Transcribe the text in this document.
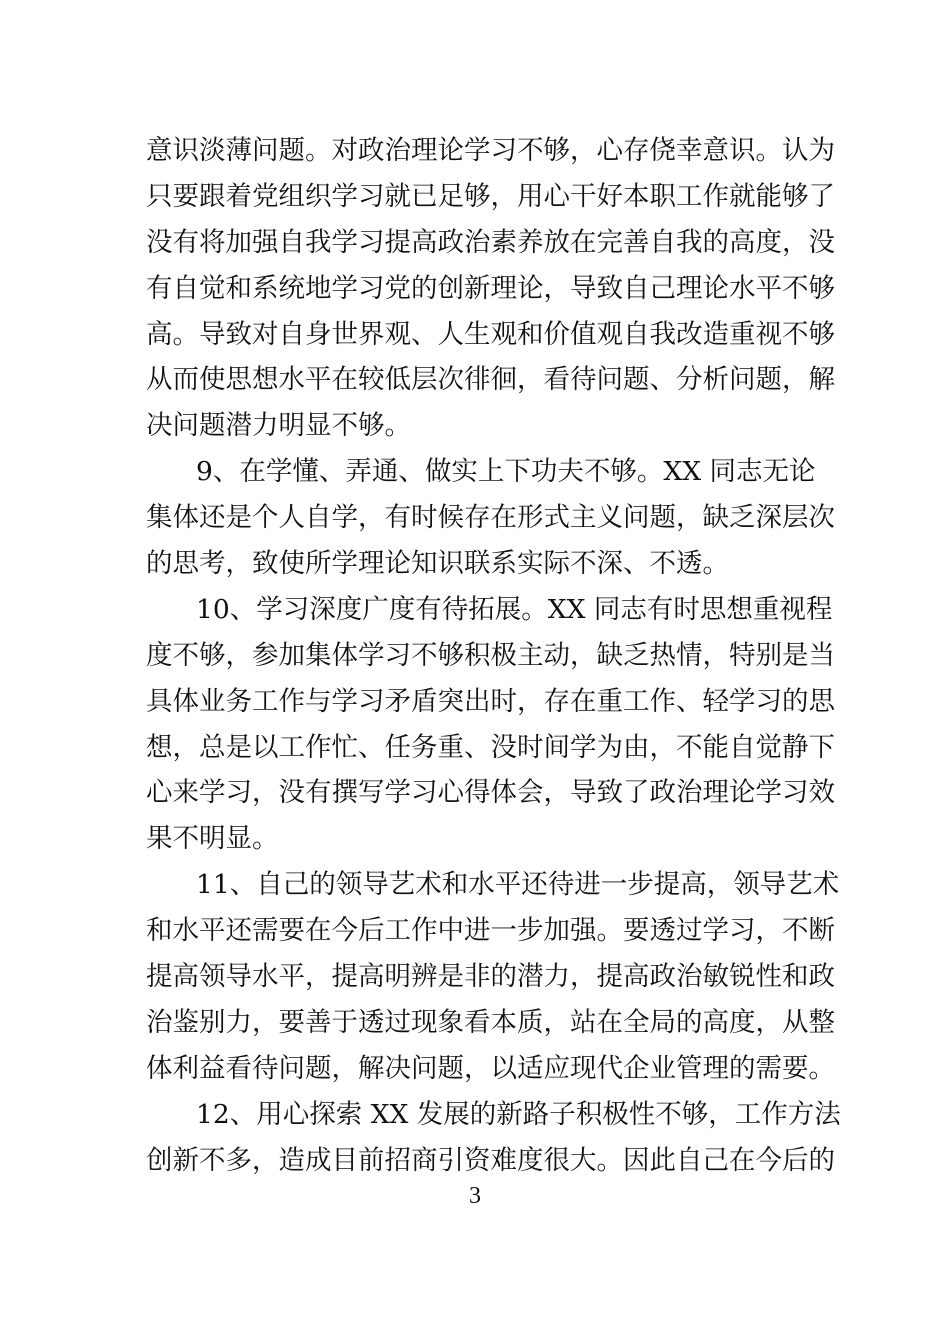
意识淡薄问题。对政治理论学习不够，心存侥幸意识。认为
只要跟着党组织学习就已足够，用心干好本职工作就能够了
没有将加强自我学习提高政治素养放在完善自我的高度，没
有自觉和系统地学习党的创新理论，导致自己理论水平不够
高。导致对自身世界观、人生观和价值观自我改造重视不够
从而使思想水平在较低层次徘徊，看待问题、分析问题，解
决问题潜力明显不够。
9、在学懂、弄通、做实上下功夫不够。XX 同志无论
集体还是个人自学，有时候存在形式主义问题，缺乏深层次
的思考，致使所学理论知识联系实际不深、不透。
10、学习深度广度有待拓展。XX 同志有时思想重视程
度不够，参加集体学习不够积极主动，缺乏热情，特别是当
具体业务工作与学习矛盾突出时，存在重工作、轻学习的思
想，总是以工作忙、任务重、没时间学为由，不能自觉静下
心来学习，没有撰写学习心得体会，导致了政治理论学习效
果不明显。
11、自己的领导艺术和水平还待进一步提高，领导艺术
和水平还需要在今后工作中进一步加强。要透过学习，不断
提高领导水平，提高明辨是非的潜力，提高政治敏锐性和政
治鉴别力，要善于透过现象看本质，站在全局的高度，从整
体利益看待问题，解决问题，以适应现代企业管理的需要。
12、用心探索 XX 发展的新路子积极性不够，工作方法
创新不多，造成目前招商引资难度很大。因此自己在今后的
3
